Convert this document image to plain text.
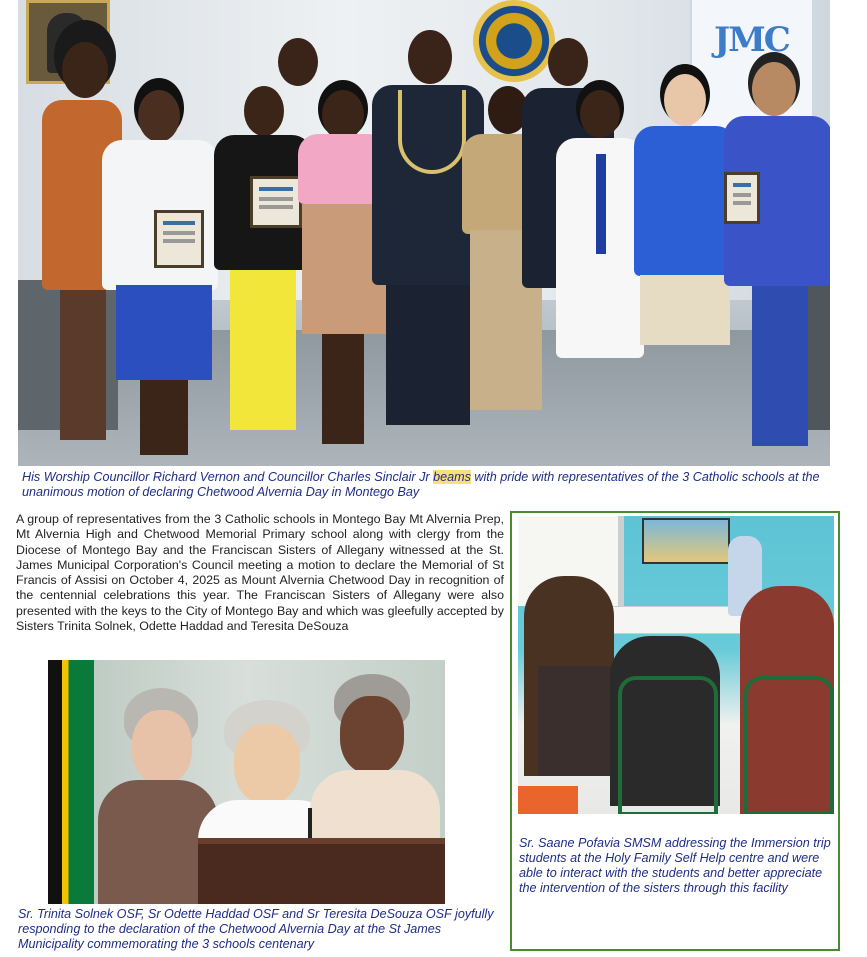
JMC
His Worship Councillor Richard Vernon and Councillor Charles Sinclair Jr beams with pride with representatives of the 3 Catholic schools at the unanimous motion of declaring Chetwood Alvernia Day in Montego Bay
A group of representatives from the 3 Catholic schools in Montego Bay Mt Alvernia Prep, Mt Alvernia High and Chetwood Memorial Primary school along with clergy from the Diocese of Montego Bay and the Franciscan Sisters of Allegany witnessed at the St. James Municipal Corporation's Council meeting a motion to declare the Memorial of St Francis of Assisi on October 4, 2025 as Mount Alvernia Chetwood Day in recognition of the centennial celebrations this year. The Franciscan Sisters of Allegany were also presented with the keys to the City of Montego Bay and which was gleefully accepted by Sisters Trinita Solnek, Odette Haddad and Teresita DeSouza
Sr. Trinita Solnek OSF, Sr Odette Haddad OSF and Sr Teresita DeSouza OSF joyfully responding to the declaration of the Chetwood Alvernia Day at the St James Municipality commemorating the 3 schools centenary
Sr. Saane Pofavia SMSM addressing the Immersion trip students at the Holy Family Self Help centre and were able to interact with the students and better appreciate the intervention of the sisters through this facility
